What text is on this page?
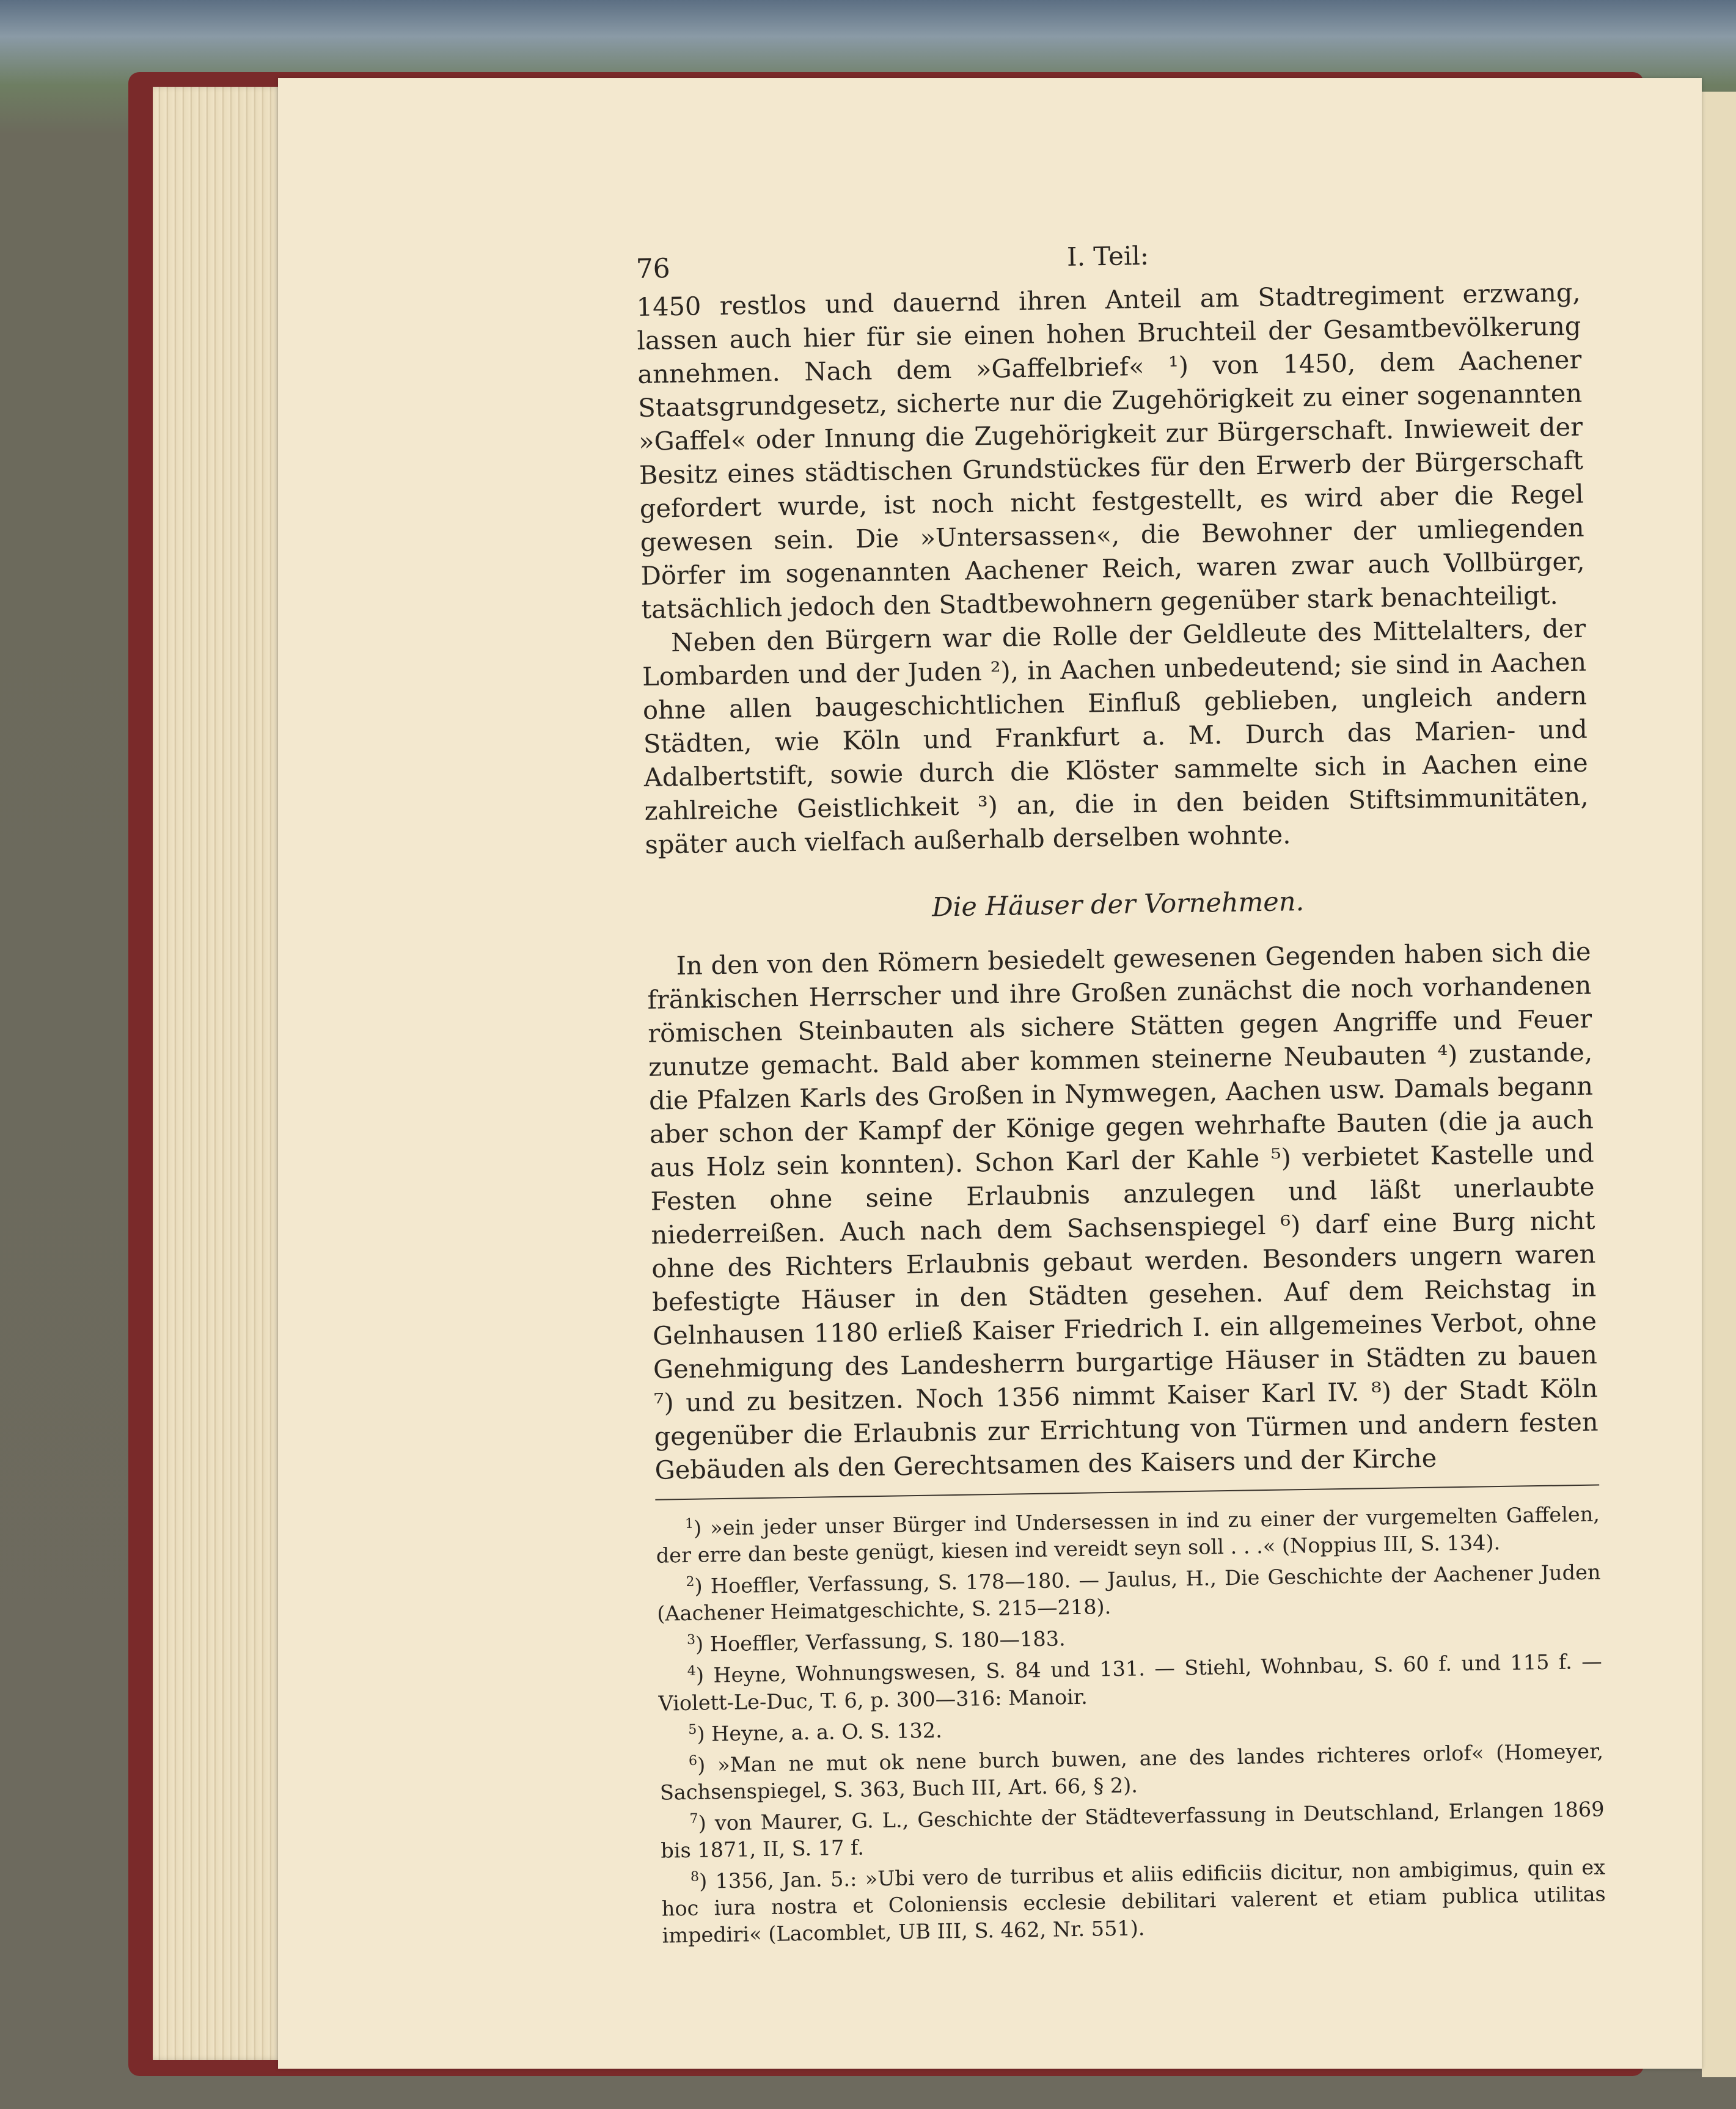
76	I. Teil:

1450 restlos und dauernd ihren Anteil am Stadtregiment erzwang, lassen auch hier für sie einen hohen Bruchteil der Gesamtbevölkerung annehmen. Nach dem »Gaffelbrief« ¹) von 1450, dem Aachener Staatsgrundgesetz, sicherte nur die Zugehörigkeit zu einer sogenannten »Gaffel« oder Innung die Zugehörigkeit zur Bürgerschaft. Inwieweit der Besitz eines städtischen Grundstückes für den Erwerb der Bürgerschaft gefordert wurde, ist noch nicht festgestellt, es wird aber die Regel gewesen sein. Die »Untersassen«, die Bewohner der umliegenden Dörfer im sogenannten Aachener Reich, waren zwar auch Vollbürger, tatsächlich jedoch den Stadtbewohnern gegenüber stark benachteiligt.

Neben den Bürgern war die Rolle der Geldleute des Mittelalters, der Lombarden und der Juden ²), in Aachen unbedeutend; sie sind in Aachen ohne allen baugeschichtlichen Einfluß geblieben, ungleich andern Städten, wie Köln und Frankfurt a. M. Durch das Marien- und Adalbertstift, sowie durch die Klöster sammelte sich in Aachen eine zahlreiche Geistlichkeit ³) an, die in den beiden Stiftsimmunitäten, später auch vielfach außerhalb derselben wohnte.

Die Häuser der Vornehmen.

In den von den Römern besiedelt gewesenen Gegenden haben sich die fränkischen Herrscher und ihre Großen zunächst die noch vorhandenen römischen Steinbauten als sichere Stätten gegen Angriffe und Feuer zunutze gemacht. Bald aber kommen steinerne Neubauten ⁴) zustande, die Pfalzen Karls des Großen in Nymwegen, Aachen usw. Damals begann aber schon der Kampf der Könige gegen wehrhafte Bauten (die ja auch aus Holz sein konnten). Schon Karl der Kahle ⁵) verbietet Kastelle und Festen ohne seine Erlaubnis anzulegen und läßt unerlaubte niederreißen. Auch nach dem Sachsenspiegel ⁶) darf eine Burg nicht ohne des Richters Erlaubnis gebaut werden. Besonders ungern waren befestigte Häuser in den Städten gesehen. Auf dem Reichstag in Gelnhausen 1180 erließ Kaiser Friedrich I. ein allgemeines Verbot, ohne Genehmigung des Landesherrn burgartige Häuser in Städten zu bauen ⁷) und zu besitzen. Noch 1356 nimmt Kaiser Karl IV. ⁸) der Stadt Köln gegenüber die Erlaubnis zur Errichtung von Türmen und andern festen Gebäuden als den Gerechtsamen des Kaisers und der Kirche

$^1$) »ein jeder unser Bürger ind Undersessen in ind zu einer der vurgemelten Gaffelen, der erre dan beste genügt, kiesen ind vereidt seyn soll . . .« (Noppius III, S. 134).

$^2$) Hoeffler, Verfassung, S. 178—180. — Jaulus, H., Die Geschichte der Aachener Juden (Aachener Heimatgeschichte, S. 215—218).

$^3$) Hoeffler, Verfassung, S. 180—183.

$^4$) Heyne, Wohnungswesen, S. 84 und 131. — Stiehl, Wohnbau, S. 60 f. und 115 f. — Violett-Le-Duc, T. 6, p. 300—316: Manoir.

$^5$) Heyne, a. a. O. S. 132.

$^6$) »Man ne mut ok nene burch buwen, ane des landes richteres orlof« (Homeyer, Sachsenspiegel, S. 363, Buch III, Art. 66, § 2).

$^7$) von Maurer, G. L., Geschichte der Städteverfassung in Deutschland, Erlangen 1869 bis 1871, II, S. 17 f.

$^8$) 1356, Jan. 5.: »Ubi vero de turribus et aliis edificiis dicitur, non ambigimus, quin ex hoc iura nostra et Coloniensis ecclesie debilitari valerent et etiam publica utilitas impediri« (Lacomblet, UB III, S. 462, Nr. 551).
